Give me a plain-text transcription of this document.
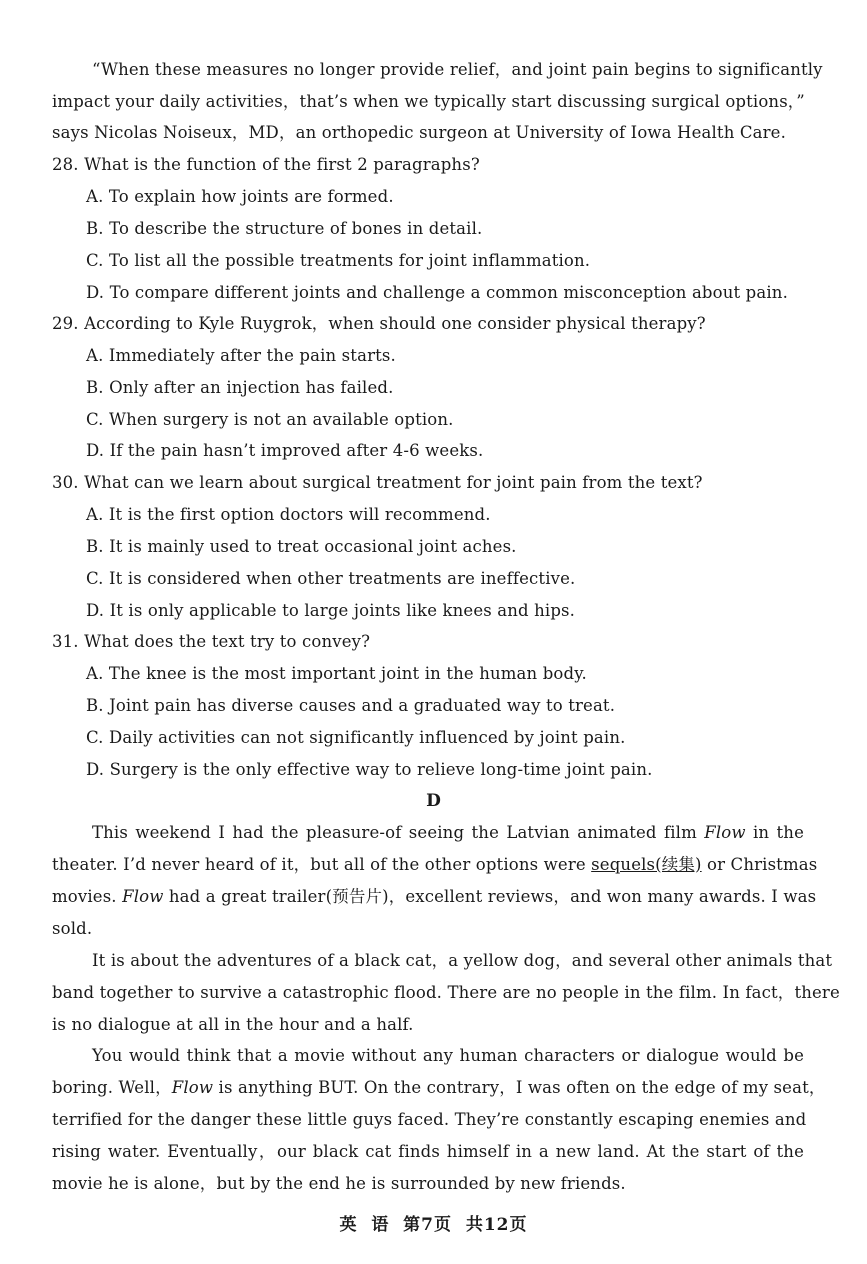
“When these measures no longer provide relief，and joint pain begins to significantly
impact your daily activities，that’s when we typically start discussing surgical options，”
says Nicolas Noiseux，MD，an orthopedic surgeon at University of Iowa Health Care.
28. What is the function of the first 2 paragraphs?
A. To explain how joints are formed.
B. To describe the structure of bones in detail.
C. To list all the possible treatments for joint inflammation.
D. To compare different joints and challenge a common misconception about pain.
29. According to Kyle Ruygrok，when should one consider physical therapy?
A. Immediately after the pain starts.
B. Only after an injection has failed.
C. When surgery is not an available option.
D. If the pain hasn’t improved after 4-6 weeks.
30. What can we learn about surgical treatment for joint pain from the text?
A. It is the first option doctors will recommend.
B. It is mainly used to treat occasional joint aches.
C. It is considered when other treatments are ineffective.
D. It is only applicable to large joints like knees and hips.
31. What does the text try to convey?
A. The knee is the most important joint in the human body.
B. Joint pain has diverse causes and a graduated way to treat.
C. Daily activities can not significantly influenced by joint pain.
D. Surgery is the only effective way to relieve long-time joint pain.
D
This weekend I had the pleasure-of seeing the Latvian animated film Flow in the
theater. I’d never heard of it，but all of the other options were sequels(续集) or Christmas
movies. Flow had a great trailer(预告片)，excellent reviews，and won many awards. I was
sold.
It is about the adventures of a black cat，a yellow dog，and several other animals that
band together to survive a catastrophic flood. There are no people in the film. In fact，there
is no dialogue at all in the hour and a half.
You would think that a movie without any human characters or dialogue would be
boring. Well，Flow is anything BUT. On the contrary，I was often on the edge of my seat，
terrified for the danger these little guys faced. They’re constantly escaping enemies and
rising water. Eventually，our black cat finds himself in a new land. At the start of the
movie he is alone，but by the end he is surrounded by new friends.
英  语  第7页  共12页
